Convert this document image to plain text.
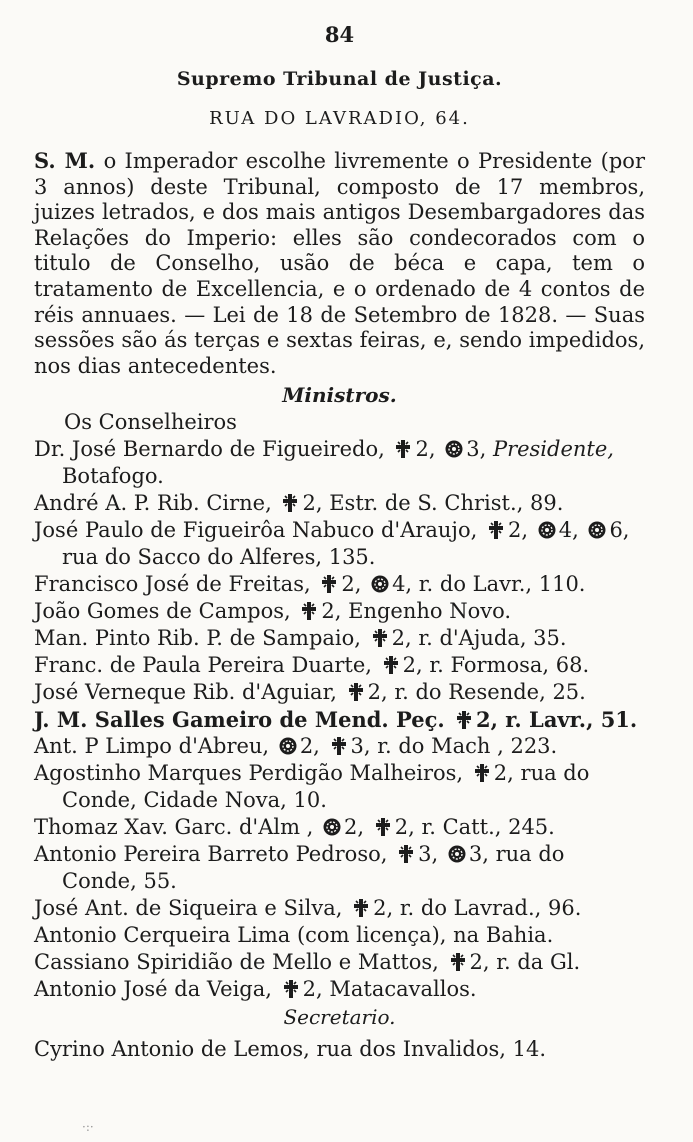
84
Supremo Tribunal de Justiça.
RUA DO LAVRADIO, 64.
S. M. o Imperador escolhe livremente o Presidente (por 3 annos) deste Tribunal, composto de 17 membros, juizes letrados, e dos mais antigos Desembargadores das Relações do Imperio: elles são condecorados com o titulo de Conselho, usão de béca e capa, tem o tratamento de Excellencia, e o ordenado de 4 contos de réis annuaes. — Lei de 18 de Setembro de 1828. — Suas sessões são ás terças e sextas feiras, e, sendo impedidos, nos dias antecedentes.
Ministros.
Os Conselheiros

Dr. José Bernardo de Figueiredo, 2, 3, Presidente, Botafogo.

André A. P. Rib. Cirne, 2, Estr. de S. Christ., 89.

José Paulo de Figueirôa Nabuco d'Araujo, 2, 4, 6, rua do Sacco do Alferes, 135.

Francisco José de Freitas, 2, 4, r. do Lavr., 110.

João Gomes de Campos, 2, Engenho Novo.

Man. Pinto Rib. P. de Sampaio, 2, r. d'Ajuda, 35.

Franc. de Paula Pereira Duarte, 2, r. Formosa, 68.

José Verneque Rib. d'Aguiar, 2, r. do Resende, 25.

J. M. Salles Gameiro de Mend. Peç. 2, r. Lavr., 51.

Ant. P Limpo d'Abreu, 2, 3, r. do Mach , 223.

Agostinho Marques Perdigão Malheiros, 2, rua do Conde, Cidade Nova, 10.

Thomaz Xav. Garc. d'Alm , 2, 2, r. Catt., 245.

Antonio Pereira Barreto Pedroso, 3, 3, rua do Conde, 55.

José Ant. de Siqueira e Silva, 2, r. do Lavrad., 96.

Antonio Cerqueira Lima (com licença), na Bahia.

Cassiano Spiridião de Mello e Mattos, 2, r. da Gl.

Antonio José da Veiga, 2, Matacavallos.

Secretario.
Cyrino Antonio de Lemos, rua dos Invalidos, 14.
·:·
